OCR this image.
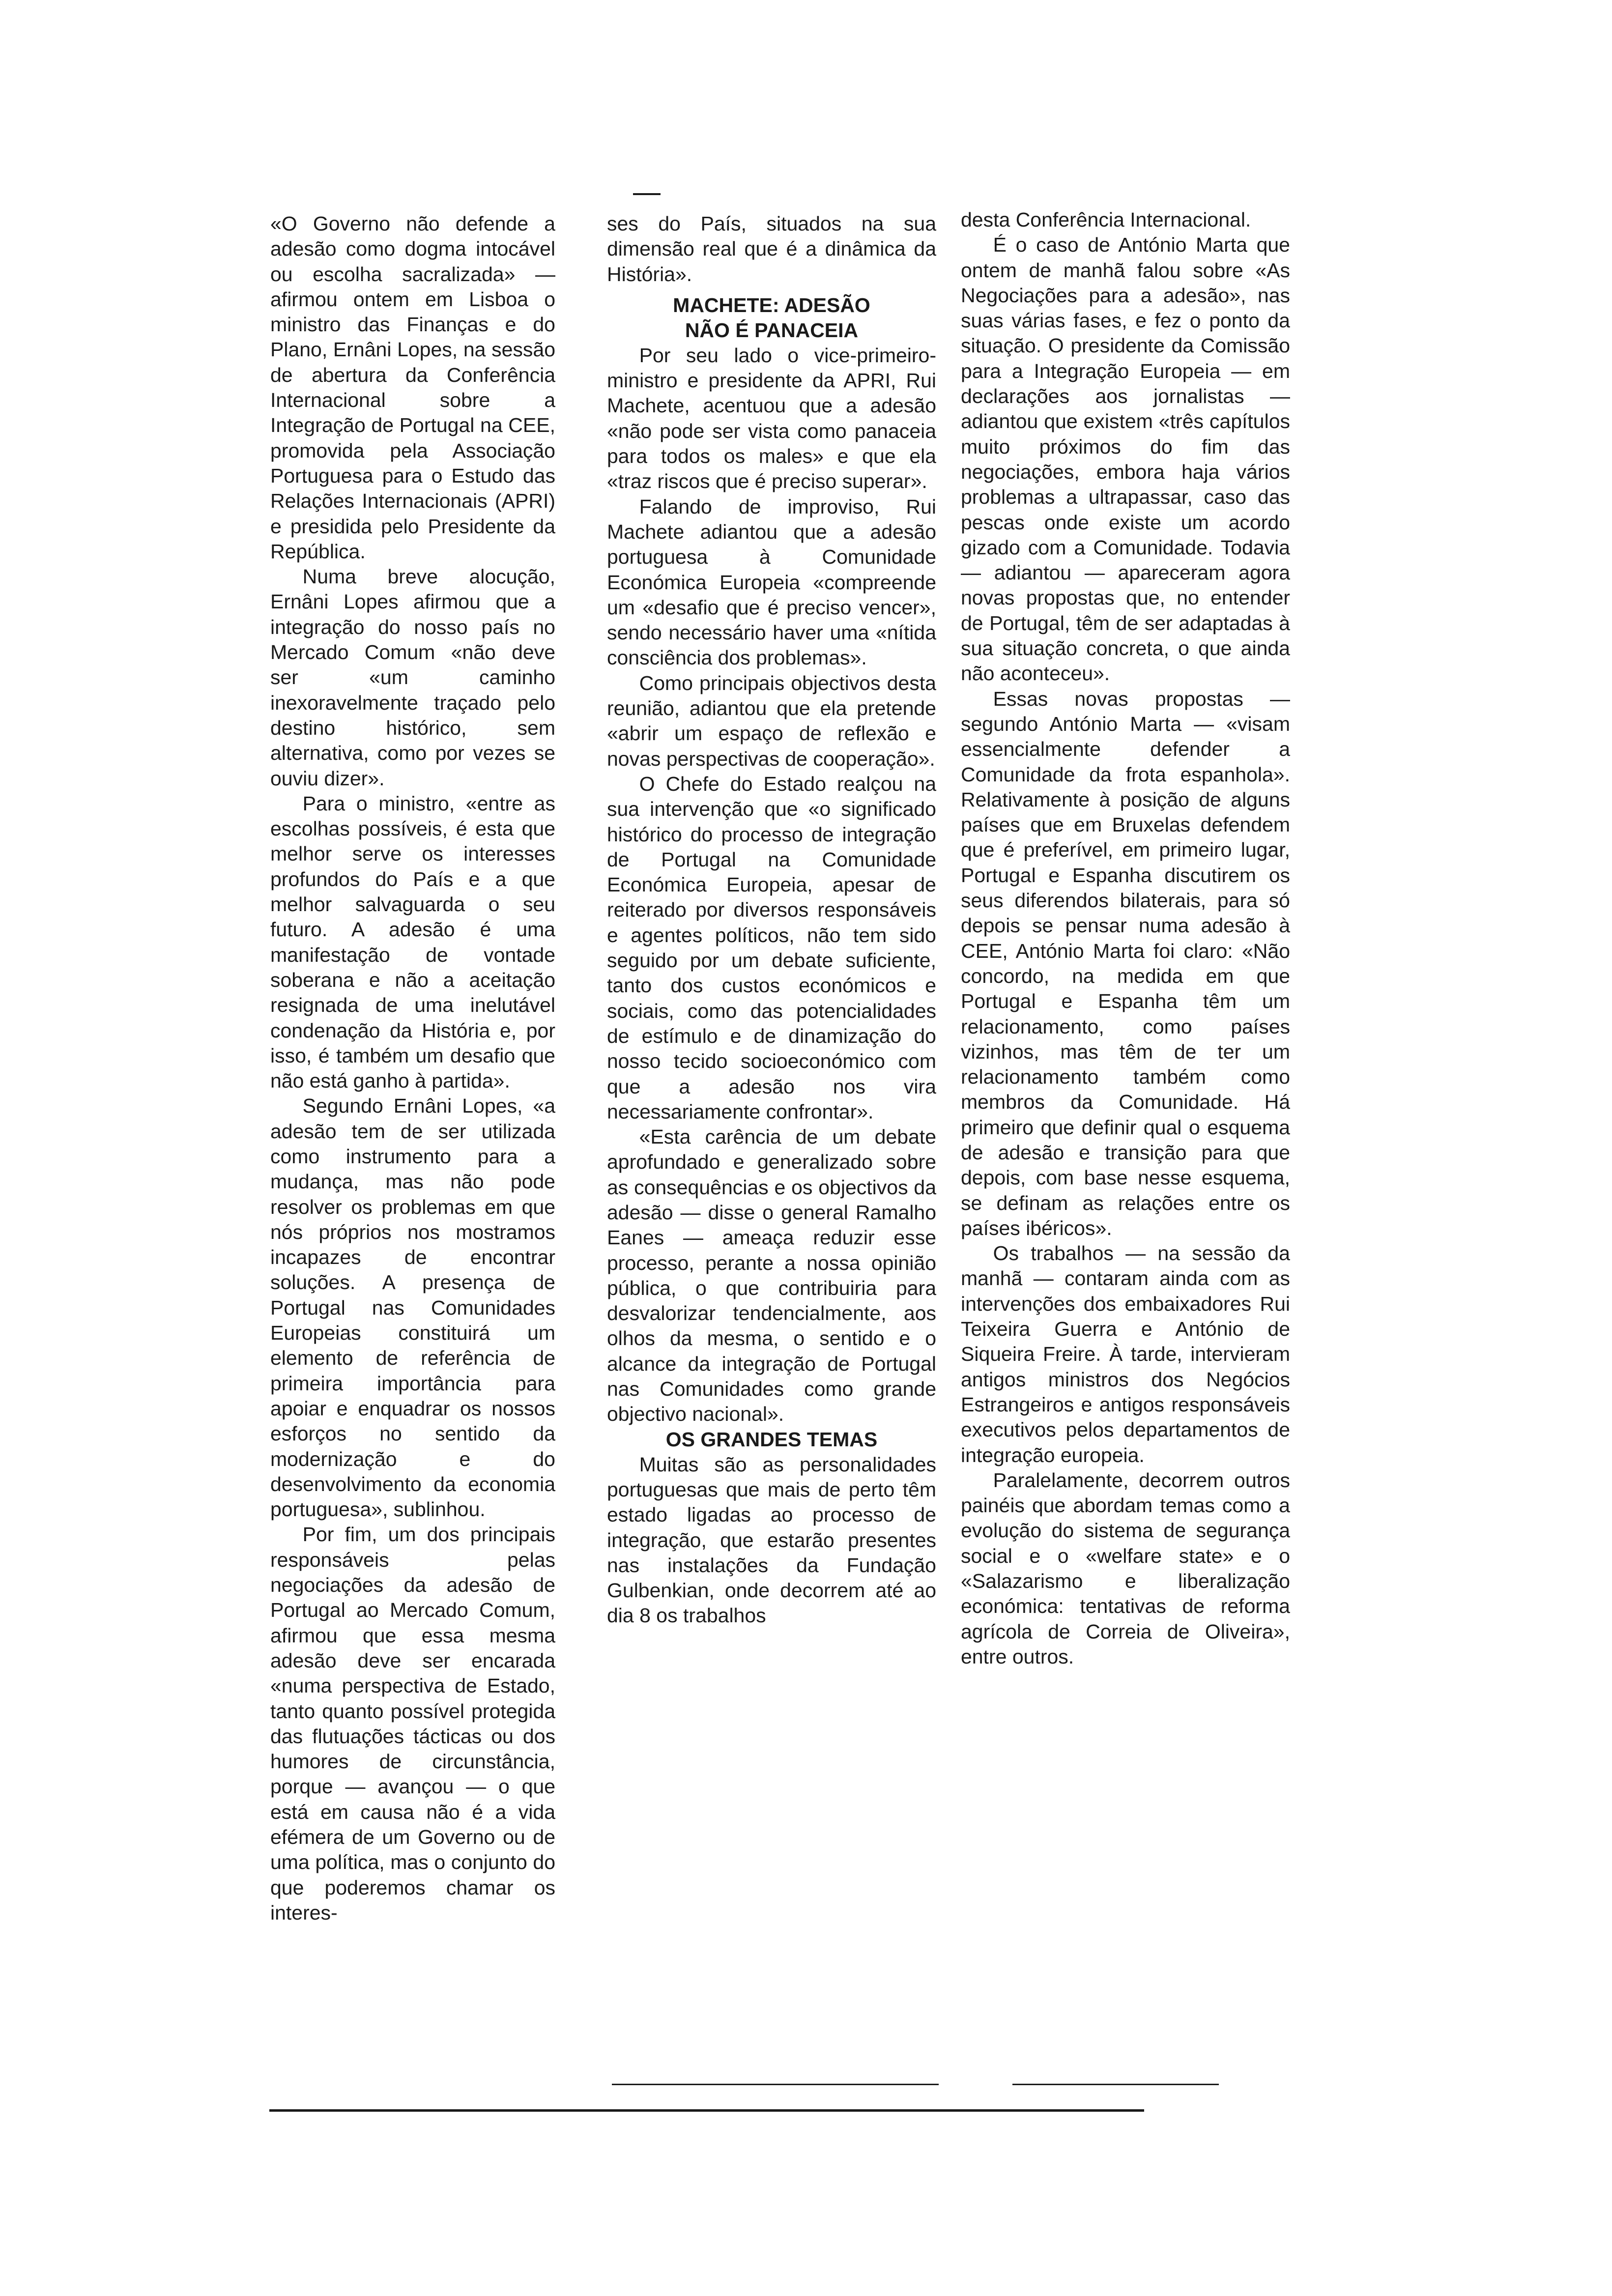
«O Governo não defende a adesão como dogma intocável ou escolha sacralizada» — afirmou ontem em Lisboa o ministro das Finanças e do Plano, Ernâni Lopes, na sessão de abertura da Conferência Internacional sobre a Integração de Portugal na CEE, promovida pela Associação Portuguesa para o Estudo das Relações Internacionais (APRI) e presidida pelo Presidente da República.

Numa breve alocução, Ernâni Lopes afirmou que a integração do nosso país no Mercado Comum «não deve ser «um caminho inexoravelmente traçado pelo destino histórico, sem alternativa, como por vezes se ouviu dizer».

Para o ministro, «entre as escolhas possíveis, é esta que melhor serve os interesses profundos do País e a que melhor salvaguarda o seu futuro. A adesão é uma manifestação de vontade soberana e não a aceitação resignada de uma inelutável condenação da História e, por isso, é também um desafio que não está ganho à partida».

Segundo Ernâni Lopes, «a adesão tem de ser utilizada como instrumento para a mudança, mas não pode resolver os problemas em que nós próprios nos mostramos incapazes de encontrar soluções. A presença de Portugal nas Comunidades Europeias constituirá um elemento de referência de primeira importância para apoiar e enquadrar os nossos esforços no sentido da modernização e do desenvolvimento da economia portuguesa», sublinhou.

Por fim, um dos principais responsáveis pelas negociações da adesão de Portugal ao Mercado Comum, afirmou que essa mesma adesão deve ser encarada «numa perspectiva de Estado, tanto quanto possível protegida das flutuações tácticas ou dos humores de circunstância, porque — avançou — o que está em causa não é a vida efémera de um Governo ou de uma política, mas o conjunto do que poderemos chamar os interes-

ses do País, situados na sua dimensão real que é a dinâmica da História».

MACHETE: ADESÃO

NÃO É PANACEIA

Por seu lado o vice-primeiro-ministro e presidente da APRI, Rui Machete, acentuou que a adesão «não pode ser vista como panaceia para todos os males» e que ela «traz riscos que é preciso superar».

Falando de improviso, Rui Machete adiantou que a adesão portuguesa à Comunidade Económica Europeia «compreende um «desafio que é preciso vencer», sendo necessário haver uma «nítida consciência dos problemas».

Como principais objectivos desta reunião, adiantou que ela pretende «abrir um espaço de reflexão e novas perspectivas de cooperação».

O Chefe do Estado realçou na sua intervenção que «o significado histórico do processo de integração de Portugal na Comunidade Económica Europeia, apesar de reiterado por diversos responsáveis e agentes políticos, não tem sido seguido por um debate suficiente, tanto dos custos económicos e sociais, como das potencialidades de estímulo e de dinamização do nosso tecido socioeconómico com que a adesão nos vira necessariamente confrontar».

«Esta carência de um debate aprofundado e generalizado sobre as consequências e os objectivos da adesão — disse o general Ramalho Eanes — ameaça reduzir esse processo, perante a nossa opinião pública, o que contribuiria para desvalorizar tendencialmente, aos olhos da mesma, o sentido e o alcance da integração de Portugal nas Comunidades como grande objectivo nacional».

OS GRANDES TEMAS

Muitas são as personalidades portuguesas que mais de perto têm estado ligadas ao processo de integração, que estarão presentes nas instalações da Fundação Gulbenkian, onde decorrem até ao dia 8 os trabalhos

desta Conferência Internacional.

É o caso de António Marta que ontem de manhã falou sobre «As Negociações para a adesão», nas suas várias fases, e fez o ponto da situação. O presidente da Comissão para a Integração Europeia — em declarações aos jornalistas — adiantou que existem «três capítulos muito próximos do fim das negociações, embora haja vários problemas a ultrapassar, caso das pescas onde existe um acordo gizado com a Comunidade. Todavia — adiantou — apareceram agora novas propostas que, no entender de Portugal, têm de ser adaptadas à sua situação concreta, o que ainda não aconteceu».

Essas novas propostas — segundo António Marta — «visam essencialmente defender a Comunidade da frota espanhola». Relativamente à posição de alguns países que em Bruxelas defendem que é preferível, em primeiro lugar, Portugal e Espanha discutirem os seus diferendos bilaterais, para só depois se pensar numa adesão à CEE, António Marta foi claro: «Não concordo, na medida em que Portugal e Espanha têm um relacionamento, como países vizinhos, mas têm de ter um relacionamento também como membros da Comunidade. Há primeiro que definir qual o esquema de adesão e transição para que depois, com base nesse esquema, se definam as relações entre os países ibéricos».

Os trabalhos — na sessão da manhã — contaram ainda com as intervenções dos embaixadores Rui Teixeira Guerra e António de Siqueira Freire. À tarde, intervieram antigos ministros dos Negócios Estrangeiros e antigos responsáveis executivos pelos departamentos de integração europeia.

Paralelamente, decorrem outros painéis que abordam temas como a evolução do sistema de segurança social e o «welfare state» e o «Salazarismo e liberalização económica: tentativas de reforma agrícola de Correia de Oliveira», entre outros.
